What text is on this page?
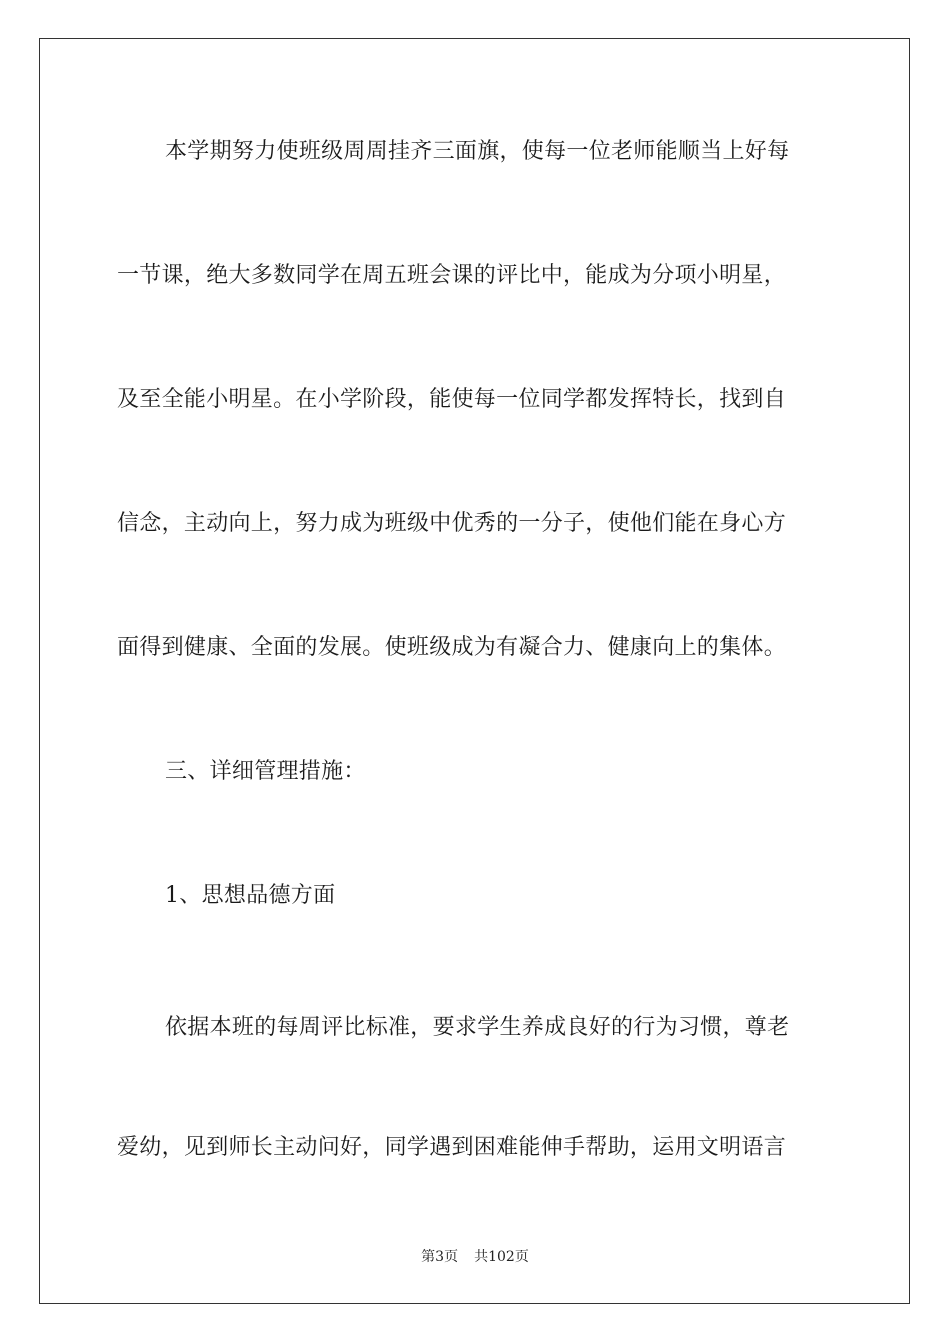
本学期努力使班级周周挂齐三面旗，使每一位老师能顺当上好每
一节课，绝大多数同学在周五班会课的评比中，能成为分项小明星，
及至全能小明星。在小学阶段，能使每一位同学都发挥特长，找到自
信念，主动向上，努力成为班级中优秀的一分子，使他们能在身心方
面得到健康、全面的发展。使班级成为有凝合力、健康向上的集体。
三、详细管理措施：
1、思想品德方面
依据本班的每周评比标准，要求学生养成良好的行为习惯，尊老
爱幼，见到师长主动问好，同学遇到困难能伸手帮助，运用文明语言
第3页 共102页
